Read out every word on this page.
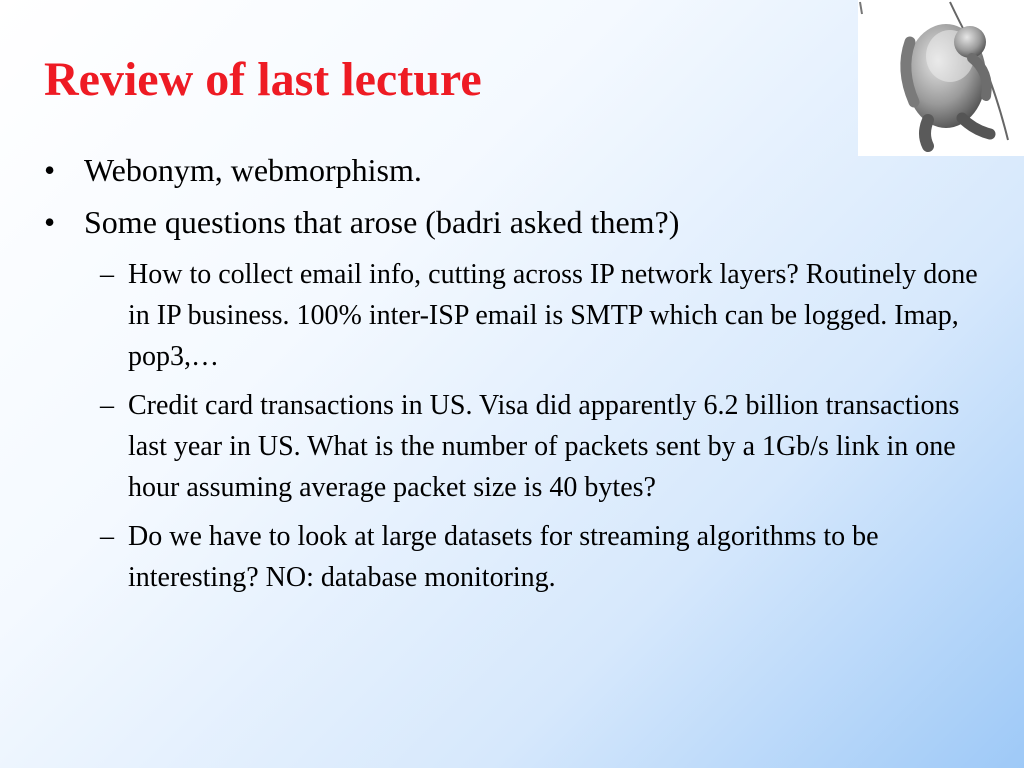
Review of last lecture
• Webonym, webmorphism.
• Some questions that arose (badri asked them?)
– How to collect email info, cutting across IP network layers? Routinely done in IP business. 100% inter-ISP email is SMTP which can be logged. Imap, pop3,…
– Credit card transactions in US. Visa did apparently 6.2 billion transactions last year in US. What is the number of packets sent by a 1Gb/s link in one hour assuming average packet size is 40 bytes?
– Do we have to look at large datasets for streaming algorithms to be interesting? NO: database monitoring.
